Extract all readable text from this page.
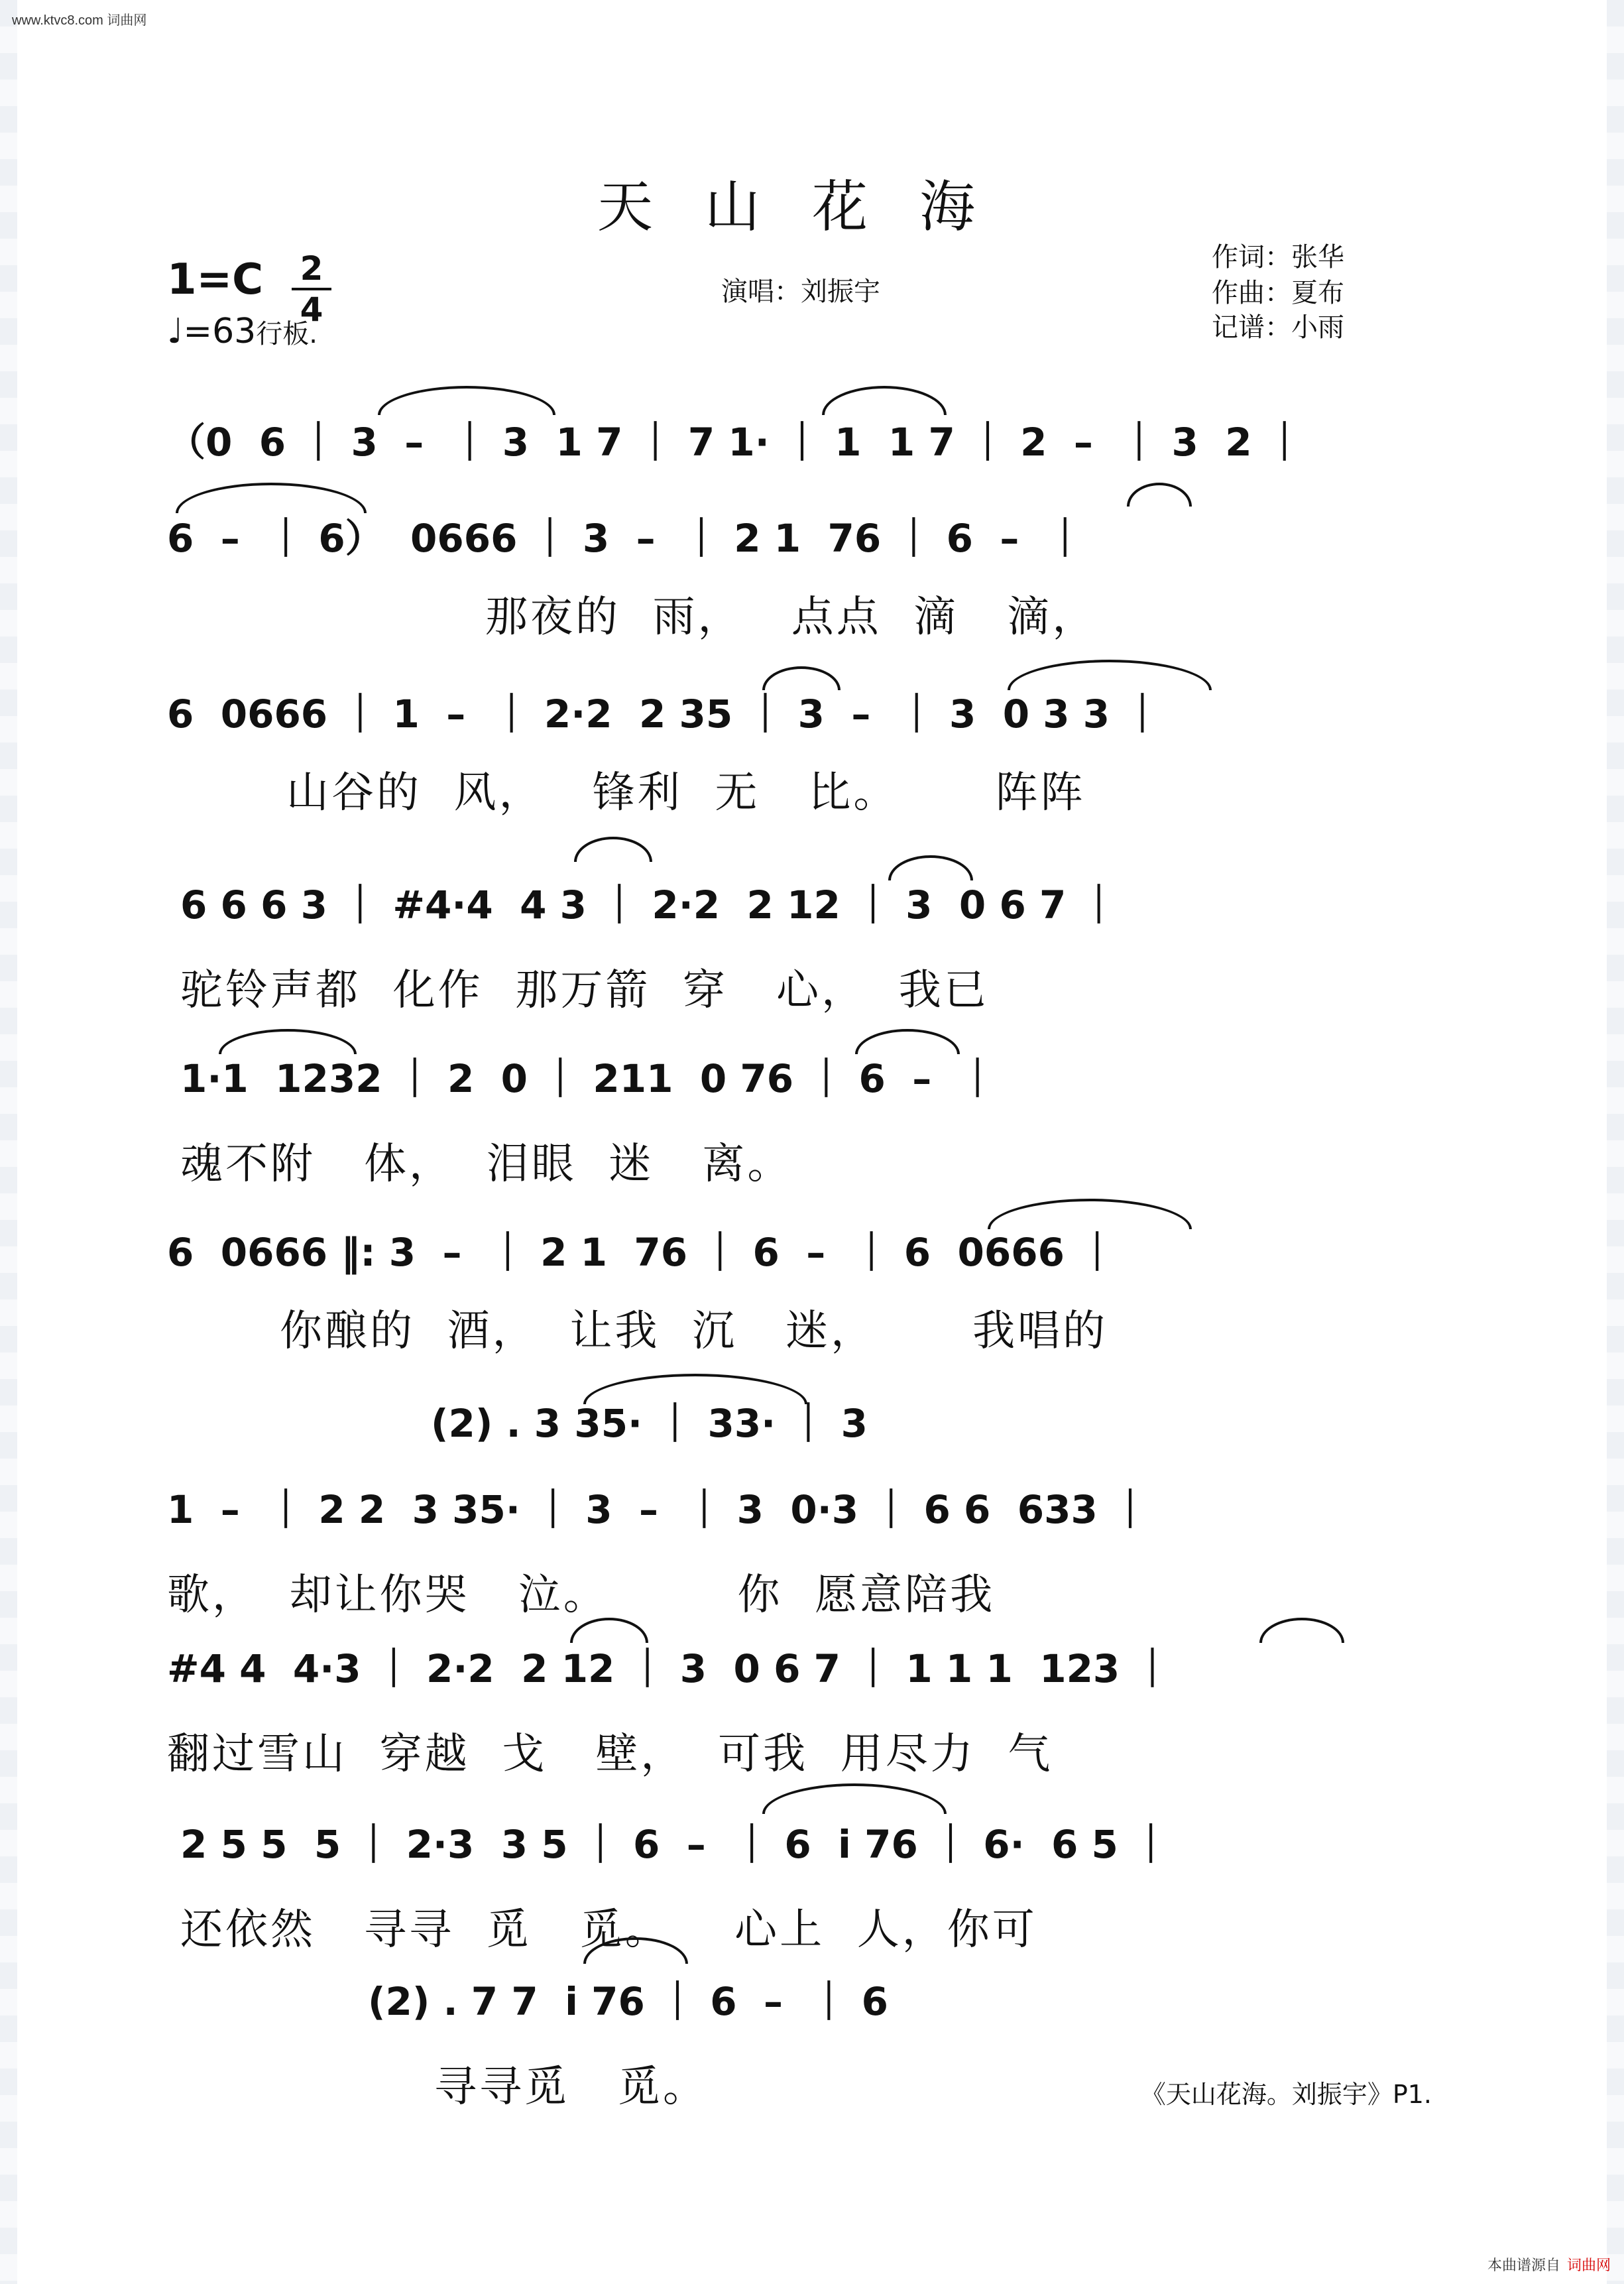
www.ktvc8.com 词曲网
天山花海
1=C 2
4
♩=63行板.
演唱：刘振宇
作词：张华
作曲：夏布
记谱：小雨
（0  6 ｜ 3  –  ｜ 3  1 7 ｜ 7 1· ｜ 1  1 7 ｜ 2  –  ｜ 3  2 ｜
6  –  ｜ 6）  0666 ｜ 3  –  ｜ 2 1  76 ｜ 6  –  ｜
那夜的  雨，   点点  滴   滴，
6  0666 ｜ 1  –  ｜ 2·2  2 35 ｜ 3  –  ｜ 3  0 3 3 ｜
山谷的  风，   锋利  无   比。      阵阵
6 6 6 3 ｜ #4·4  4 3 ｜ 2·2  2 12 ｜ 3  0 6 7 ｜
驼铃声都  化作  那万箭  穿   心，  我已
1·1  1232 ｜ 2  0 ｜ 211  0 76 ｜ 6  –  ｜
魂不附   体，  泪眼  迷   离。
6  0666 ‖: 3  –  ｜ 2 1  76 ｜ 6  –  ｜ 6  0666 ｜
你酿的  酒，  让我  沉   迷，      我唱的
(2) . 3 35· ｜ 33· ｜ 3
1  –  ｜ 2 2  3 35· ｜ 3  –  ｜ 3  0·3 ｜ 6 6  633 ｜
歌，  却让你哭   泣。        你  愿意陪我
#4 4  4·3 ｜ 2·2  2 12 ｜ 3  0 6 7 ｜ 1 1 1  123 ｜
翻过雪山  穿越  戈   壁，  可我  用尽力  气
2 5 5  5 ｜ 2·3  3 5 ｜ 6  –  ｜ 6  i 76 ｜ 6·  6 5 ｜
还依然   寻寻  觅   觅。    心上  人，你可
(2) . 7 7  i 76 ｜ 6  –  ｜ 6
寻寻觅   觅。	《天山花海。刘振宇》P1.
本曲谱源自 词曲网
